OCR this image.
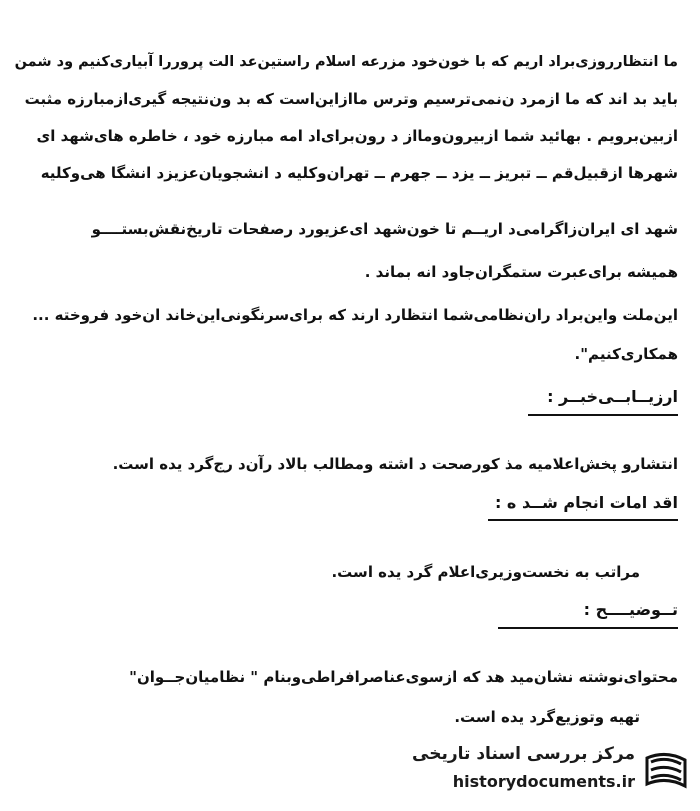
ما انتظارروزی‌براد اریم که با خون‌خود مزرعه اسلام راستین‌عد الت پروررا آبیاری‌کنیم ود شمن
باید بد اند که ما ازمرد ن‌نمی‌ترسیم وترس ماازاین‌است که بد ون‌نتیجه گیری‌ازمبارزه مثبت
ازبین‌برویم . بهائید شما ازبیرون‌ومااز د رون‌برای‌اد امه مبارزه خود ، خاطره های‌شهد ای
شهرها ازقبیل‌قم ــ تبریز ــ یزد ــ جهرم ــ تهران‌وکلیه د انشجویان‌عزیزد انشگا هی‌وکلیه
شهد ای ایران‌زاگرامی‌د اریــم تا خون‌شهد ای‌عزیورد رصفحات تاریخ‌نقش‌بستــــو
همیشه برای‌عبرت ستمگران‌جاود انه بماند .
این‌ملت واین‌براد ران‌نظامی‌شما انتظارد ارند که برای‌سرنگونی‌این‌خاند ان‌خود فروخته ...
همکاری‌کنیم".
ارزیــابــی‌خبــر :
انتشارو پخش‌اعلامیه مذ کورصحت د اشته ومطالب بالاد رآن‌د رج‌گرد یده است.
اقد امات انجام شــد ه :
مراتب به نخست‌وزیری‌اعلام گرد یده است.
تــوضیــــح :
محتوای‌نوشته نشان‌مید هد که ازسوی‌عناصرافراطی‌وبنام " نظامیان‌جــوان"
تهیه وتوزیع‌گرد یده است.
مرکز بررسی اسناد تاریخی
historydocuments.ir
